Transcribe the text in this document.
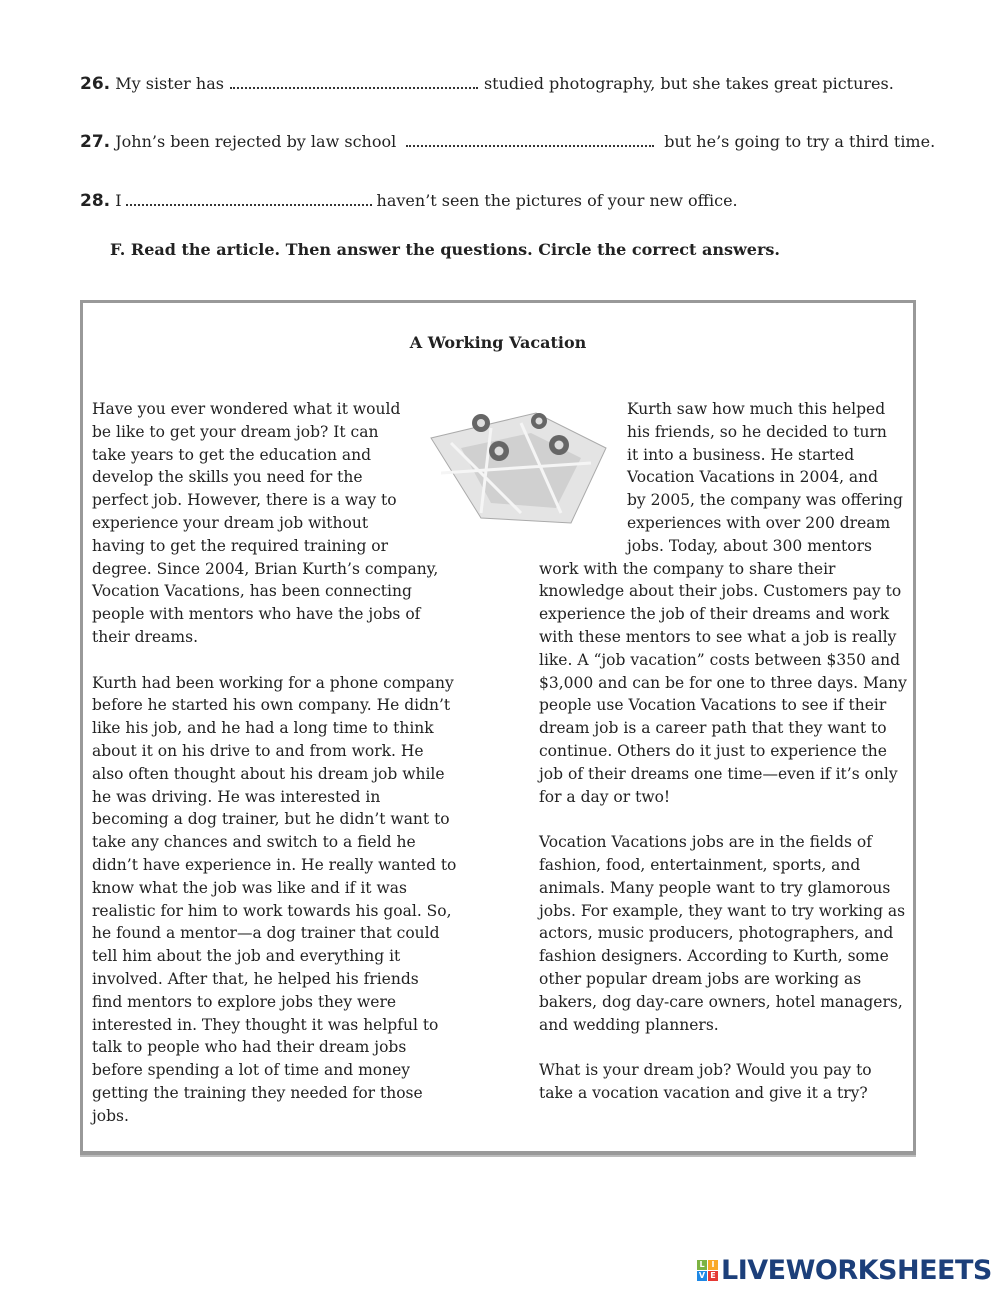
26.
My sister has	studied photography, but she takes great pictures.
27.
John’s been rejected by law school	but he’s going to try a third time.
28.
I	haven’t seen the pictures of your new office.
F. Read the article. Then answer the questions. Circle the correct answers.
A Working Vacation
Have you ever wondered what it would
be like to get your dream job? It can
take years to get the education and
develop the skills you need for the
perfect job. However, there is a way to
experience your dream job without
having to get the required training or
degree. Since 2004, Brian Kurth’s company,
Vocation Vacations, has been connecting
people with mentors who have the jobs of
their dreams.
Kurth had been working for a phone company
before he started his own company. He didn’t
like his job, and he had a long time to think
about it on his drive to and from work. He
also often thought about his dream job while
he was driving. He was interested in
becoming a dog trainer, but he didn’t want to
take any chances and switch to a field he
didn’t have experience in. He really wanted to
know what the job was like and if it was
realistic for him to work towards his goal. So,
he found a mentor—a dog trainer that could
tell him about the job and everything it
involved. After that, he helped his friends
find mentors to explore jobs they were
interested in. They thought it was helpful to
talk to people who had their dream jobs
before spending a lot of time and money
getting the training they needed for those
jobs.
Kurth saw how much this helped
his friends, so he decided to turn
it into a business. He started
Vocation Vacations in 2004, and
by 2005, the company was offering
experiences with over 200 dream
jobs. Today, about 300 mentors
work with the company to share their
knowledge about their jobs. Customers pay to
experience the job of their dreams and work
with these mentors to see what a job is really
like. A “job vacation” costs between $350 and
$3,000 and can be for one to three days. Many
people use Vocation Vacations to see if their
dream job is a career path that they want to
continue. Others do it just to experience the
job of their dreams one time—even if it’s only
for a day or two!
Vocation Vacations jobs are in the fields of
fashion, food, entertainment, sports, and
animals. Many people want to try glamorous
jobs. For example, they want to try working as
actors, music producers, photographers, and
fashion designers. According to Kurth, some
other popular dream jobs are working as
bakers, dog day-care owners, hotel managers,
and wedding planners.
What is your dream job? Would you pay to
take a vocation vacation and give it a try?
L I
V E LIVEWORKSHEETS
